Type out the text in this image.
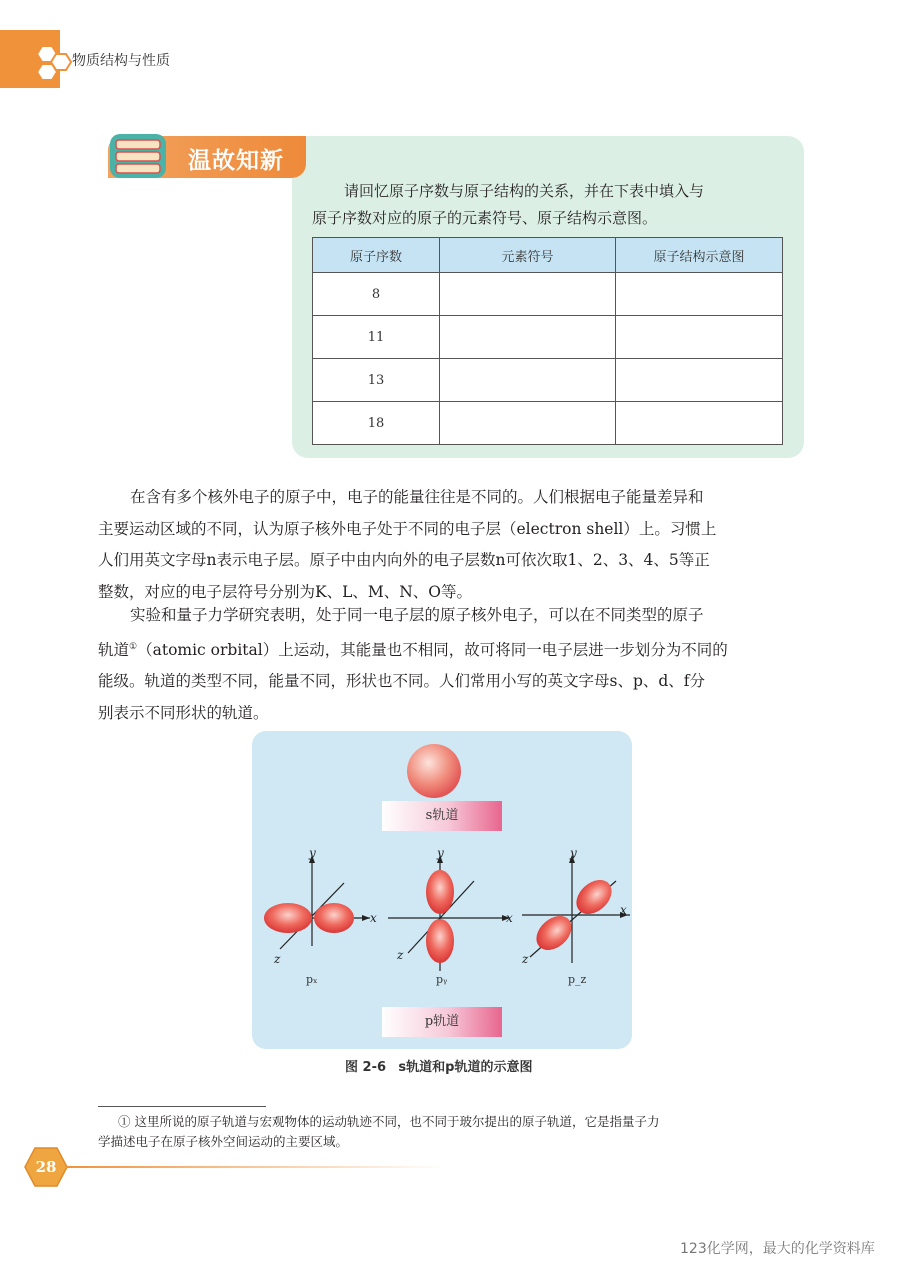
物质结构与性质
温故知新
请回忆原子序数与原子结构的关系，并在下表中填入与
原子序数对应的原子的元素符号、原子结构示意图。
原子序数	元素符号	原子结构示意图
8		
11		
13		
18		
在含有多个核外电子的原子中，电子的能量往往是不同的。人们根据电子能量差异和
主要运动区域的不同，认为原子核外电子处于不同的电子层（electron shell）上。习惯上
人们用英文字母n表示电子层。原子中由内向外的电子层数n可依次取1、2、3、4、5等正
整数，对应的电子层符号分别为K、L、M、N、O等。
实验和量子力学研究表明，处于同一电子层的原子核外电子，可以在不同类型的原子
轨道①（atomic orbital）上运动，其能量也不相同，故可将同一电子层进一步划分为不同的
能级。轨道的类型不同，能量不同，形状也不同。人们常用小写的英文字母s、p、d、f分
别表示不同形状的轨道。
x
y
z
x
y
z
x
y
z
pₓ	pᵧ	p_z
s轨道
p轨道
图 2-6 s轨道和p轨道的示意图
① 这里所说的原子轨道与宏观物体的运动轨迹不同，也不同于玻尔提出的原子轨道，它是指量子力
学描述电子在原子核外空间运动的主要区域。
28
123化学网，最大的化学资料库
